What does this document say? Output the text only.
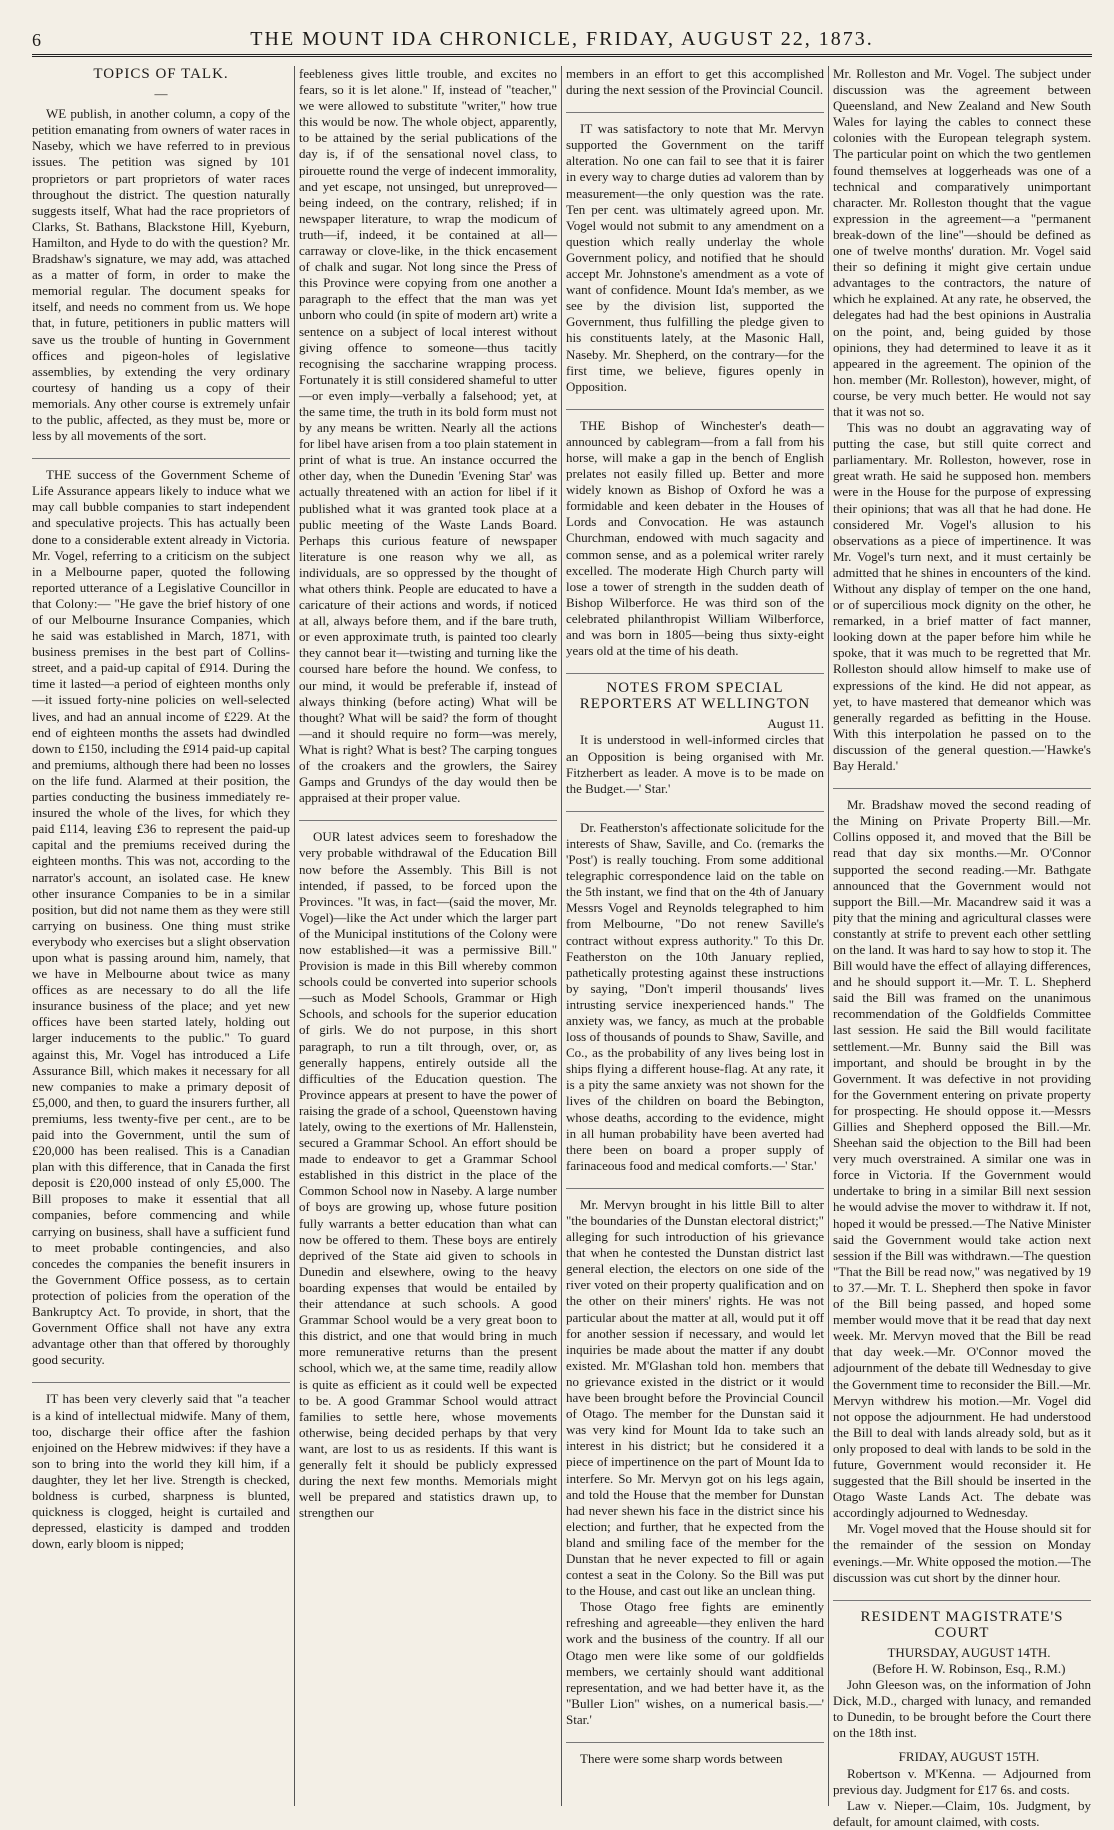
6	THE MOUNT IDA CHRONICLE, FRIDAY, AUGUST 22, 1873.
TOPICS OF TALK.
—

WE publish, in another column, a copy of the petition emanating from owners of water races in Naseby, which we have referred to in previous issues. The petition was signed by 101 proprietors or part proprietors of water races throughout the district. The question naturally suggests itself, What had the race proprietors of Clarks, St. Bathans, Blackstone Hill, Kyeburn, Hamilton, and Hyde to do with the question? Mr. Bradshaw's signature, we may add, was attached as a matter of form, in order to make the memorial regular. The document speaks for itself, and needs no comment from us. We hope that, in future, petitioners in public matters will save us the trouble of hunting in Government offices and pigeon-holes of legislative assemblies, by extending the very ordinary courtesy of handing us a copy of their memorials. Any other course is extremely unfair to the public, affected, as they must be, more or less by all movements of the sort.

THE success of the Government Scheme of Life Assurance appears likely to induce what we may call bubble companies to start independent and speculative projects. This has actually been done to a considerable extent already in Victoria. Mr. Vogel, referring to a criticism on the subject in a Melbourne paper, quoted the following reported utterance of a Legislative Councillor in that Colony:— "He gave the brief history of one of our Melbourne Insurance Companies, which he said was established in March, 1871, with business premises in the best part of Collins-street, and a paid-up capital of £914. During the time it lasted—a period of eighteen months only—it issued forty-nine policies on well-selected lives, and had an annual income of £229. At the end of eighteen months the assets had dwindled down to £150, including the £914 paid-up capital and premiums, although there had been no losses on the life fund. Alarmed at their position, the parties conducting the business immediately re-insured the whole of the lives, for which they paid £114, leaving £36 to represent the paid-up capital and the premiums received during the eighteen months. This was not, according to the narrator's account, an isolated case. He knew other insurance Companies to be in a similar position, but did not name them as they were still carrying on business. One thing must strike everybody who exercises but a slight observation upon what is passing around him, namely, that we have in Melbourne about twice as many offices as are necessary to do all the life insurance business of the place; and yet new offices have been started lately, holding out larger inducements to the public." To guard against this, Mr. Vogel has introduced a Life Assurance Bill, which makes it necessary for all new companies to make a primary deposit of £5,000, and then, to guard the insurers further, all premiums, less twenty-five per cent., are to be paid into the Government, until the sum of £20,000 has been realised. This is a Canadian plan with this difference, that in Canada the first deposit is £20,000 instead of only £5,000. The Bill proposes to make it essential that all companies, before commencing and while carrying on business, shall have a sufficient fund to meet probable contingencies, and also concedes the companies the benefit insurers in the Government Office possess, as to certain protection of policies from the operation of the Bankruptcy Act. To provide, in short, that the Government Office shall not have any extra advantage other than that offered by thoroughly good security.

IT has been very cleverly said that "a teacher is a kind of intellectual midwife. Many of them, too, discharge their office after the fashion enjoined on the Hebrew midwives: if they have a son to bring into the world they kill him, if a daughter, they let her live. Strength is checked, boldness is curbed, sharpness is blunted, quickness is clogged, height is curtailed and depressed, elasticity is damped and trodden down, early bloom is nipped;

feebleness gives little trouble, and excites no fears, so it is let alone." If, instead of "teacher," we were allowed to substitute "writer," how true this would be now. The whole object, apparently, to be attained by the serial publications of the day is, if of the sensational novel class, to pirouette round the verge of indecent immorality, and yet escape, not unsinged, but unreproved—being indeed, on the contrary, relished; if in newspaper literature, to wrap the modicum of truth—if, indeed, it be contained at all—carraway or clove-like, in the thick encasement of chalk and sugar. Not long since the Press of this Province were copying from one another a paragraph to the effect that the man was yet unborn who could (in spite of modern art) write a sentence on a subject of local interest without giving offence to someone—thus tacitly recognising the saccharine wrapping process. Fortunately it is still considered shameful to utter—or even imply—verbally a falsehood; yet, at the same time, the truth in its bold form must not by any means be written. Nearly all the actions for libel have arisen from a too plain statement in print of what is true. An instance occurred the other day, when the Dunedin 'Evening Star' was actually threatened with an action for libel if it published what it was granted took place at a public meeting of the Waste Lands Board. Perhaps this curious feature of newspaper literature is one reason why we all, as individuals, are so oppressed by the thought of what others think. People are educated to have a caricature of their actions and words, if noticed at all, always before them, and if the bare truth, or even approximate truth, is painted too clearly they cannot bear it—twisting and turning like the coursed hare before the hound. We confess, to our mind, it would be preferable if, instead of always thinking (before acting) What will be thought? What will be said? the form of thought—and it should require no form—was merely, What is right? What is best? The carping tongues of the croakers and the growlers, the Sairey Gamps and Grundys of the day would then be appraised at their proper value.

OUR latest advices seem to foreshadow the very probable withdrawal of the Education Bill now before the Assembly. This Bill is not intended, if passed, to be forced upon the Provinces. "It was, in fact—(said the mover, Mr. Vogel)—like the Act under which the larger part of the Municipal institutions of the Colony were now established—it was a permissive Bill." Provision is made in this Bill whereby common schools could be converted into superior schools—such as Model Schools, Grammar or High Schools, and schools for the superior education of girls. We do not purpose, in this short paragraph, to run a tilt through, over, or, as generally happens, entirely outside all the difficulties of the Education question. The Province appears at present to have the power of raising the grade of a school, Queenstown having lately, owing to the exertions of Mr. Hallenstein, secured a Grammar School. An effort should be made to endeavor to get a Grammar School established in this district in the place of the Common School now in Naseby. A large number of boys are growing up, whose future position fully warrants a better education than what can now be offered to them. These boys are entirely deprived of the State aid given to schools in Dunedin and elsewhere, owing to the heavy boarding expenses that would be entailed by their attendance at such schools. A good Grammar School would be a very great boon to this district, and one that would bring in much more remunerative returns than the present school, which we, at the same time, readily allow is quite as efficient as it could well be expected to be. A good Grammar School would attract families to settle here, whose movements otherwise, being decided perhaps by that very want, are lost to us as residents. If this want is generally felt it should be publicly expressed during the next few months. Memorials might well be prepared and statistics drawn up, to strengthen our

members in an effort to get this accomplished during the next session of the Provincial Council.

IT was satisfactory to note that Mr. Mervyn supported the Government on the tariff alteration. No one can fail to see that it is fairer in every way to charge duties ad valorem than by measurement—the only question was the rate. Ten per cent. was ultimately agreed upon. Mr. Vogel would not submit to any amendment on a question which really underlay the whole Government policy, and notified that he should accept Mr. Johnstone's amendment as a vote of want of confidence. Mount Ida's member, as we see by the division list, supported the Government, thus fulfilling the pledge given to his constituents lately, at the Masonic Hall, Naseby. Mr. Shepherd, on the contrary—for the first time, we believe, figures openly in Opposition.

THE Bishop of Winchester's death—announced by cablegram—from a fall from his horse, will make a gap in the bench of English prelates not easily filled up. Better and more widely known as Bishop of Oxford he was a formidable and keen debater in the Houses of Lords and Convocation. He was astaunch Churchman, endowed with much sagacity and common sense, and as a polemical writer rarely excelled. The moderate High Church party will lose a tower of strength in the sudden death of Bishop Wilberforce. He was third son of the celebrated philanthropist William Wilberforce, and was born in 1805—being thus sixty-eight years old at the time of his death.

NOTES FROM SPECIAL REPORTERS AT WELLINGTON

August 11.

It is understood in well-informed circles that an Opposition is being organised with Mr. Fitzherbert as leader. A move is to be made on the Budget.—' Star.'

Dr. Featherston's affectionate solicitude for the interests of Shaw, Saville, and Co. (remarks the 'Post') is really touching. From some additional telegraphic correspondence laid on the table on the 5th instant, we find that on the 4th of January Messrs Vogel and Reynolds telegraphed to him from Melbourne, "Do not renew Saville's contract without express authority." To this Dr. Featherston on the 10th January replied, pathetically protesting against these instructions by saying, "Don't imperil thousands' lives intrusting service inexperienced hands." The anxiety was, we fancy, as much at the probable loss of thousands of pounds to Shaw, Saville, and Co., as the probability of any lives being lost in ships flying a different house-flag. At any rate, it is a pity the same anxiety was not shown for the lives of the children on board the Bebington, whose deaths, according to the evidence, might in all human probability have been averted had there been on board a proper supply of farinaceous food and medical comforts.—' Star.'

Mr. Mervyn brought in his little Bill to alter "the boundaries of the Dunstan electoral district;" alleging for such introduction of his grievance that when he contested the Dunstan district last general election, the electors on one side of the river voted on their property qualification and on the other on their miners' rights. He was not particular about the matter at all, would put it off for another session if necessary, and would let inquiries be made about the matter if any doubt existed. Mr. M'Glashan told hon. members that no grievance existed in the district or it would have been brought before the Provincial Council of Otago. The member for the Dunstan said it was very kind for Mount Ida to take such an interest in his district; but he considered it a piece of impertinence on the part of Mount Ida to interfere. So Mr. Mervyn got on his legs again, and told the House that the member for Dunstan had never shewn his face in the district since his election; and further, that he expected from the bland and smiling face of the member for the Dunstan that he never expected to fill or again contest a seat in the Colony. So the Bill was put to the House, and cast out like an unclean thing.

Those Otago free fights are eminently refreshing and agreeable—they enliven the hard work and the business of the country. If all our Otago men were like some of our goldfields members, we certainly should want additional representation, and we had better have it, as the "Buller Lion" wishes, on a numerical basis.—' Star.'

There were some sharp words between

Mr. Rolleston and Mr. Vogel. The subject under discussion was the agreement between Queensland, and New Zealand and New South Wales for laying the cables to connect these colonies with the European telegraph system. The particular point on which the two gentlemen found themselves at loggerheads was one of a technical and comparatively unimportant character. Mr. Rolleston thought that the vague expression in the agreement—a "permanent break-down of the line"—should be defined as one of twelve months' duration. Mr. Vogel said their so defining it might give certain undue advantages to the contractors, the nature of which he explained. At any rate, he observed, the delegates had had the best opinions in Australia on the point, and, being guided by those opinions, they had determined to leave it as it appeared in the agreement. The opinion of the hon. member (Mr. Rolleston), however, might, of course, be very much better. He would not say that it was not so.

This was no doubt an aggravating way of putting the case, but still quite correct and parliamentary. Mr. Rolleston, however, rose in great wrath. He said he supposed hon. members were in the House for the purpose of expressing their opinions; that was all that he had done. He considered Mr. Vogel's allusion to his observations as a piece of impertinence. It was Mr. Vogel's turn next, and it must certainly be admitted that he shines in encounters of the kind. Without any display of temper on the one hand, or of supercilious mock dignity on the other, he remarked, in a brief matter of fact manner, looking down at the paper before him while he spoke, that it was much to be regretted that Mr. Rolleston should allow himself to make use of expressions of the kind. He did not appear, as yet, to have mastered that demeanor which was generally regarded as befitting in the House. With this interpolation he passed on to the discussion of the general question.—'Hawke's Bay Herald.'

Mr. Bradshaw moved the second reading of the Mining on Private Property Bill.—Mr. Collins opposed it, and moved that the Bill be read that day six months.—Mr. O'Connor supported the second reading.—Mr. Bathgate announced that the Government would not support the Bill.—Mr. Macandrew said it was a pity that the mining and agricultural classes were constantly at strife to prevent each other settling on the land. It was hard to say how to stop it. The Bill would have the effect of allaying differences, and he should support it.—Mr. T. L. Shepherd said the Bill was framed on the unanimous recommendation of the Goldfields Committee last session. He said the Bill would facilitate settlement.—Mr. Bunny said the Bill was important, and should be brought in by the Government. It was defective in not providing for the Government entering on private property for prospecting. He should oppose it.—Messrs Gillies and Shepherd opposed the Bill.—Mr. Sheehan said the objection to the Bill had been very much overstrained. A similar one was in force in Victoria. If the Government would undertake to bring in a similar Bill next session he would advise the mover to withdraw it. If not, hoped it would be pressed.—The Native Minister said the Government would take action next session if the Bill was withdrawn.—The question "That the Bill be read now," was negatived by 19 to 37.—Mr. T. L. Shepherd then spoke in favor of the Bill being passed, and hoped some member would move that it be read that day next week. Mr. Mervyn moved that the Bill be read that day week.—Mr. O'Connor moved the adjournment of the debate till Wednesday to give the Government time to reconsider the Bill.—Mr. Mervyn withdrew his motion.—Mr. Vogel did not oppose the adjournment. He had understood the Bill to deal with lands already sold, but as it only proposed to deal with lands to be sold in the future, Government would reconsider it. He suggested that the Bill should be inserted in the Otago Waste Lands Act. The debate was accordingly adjourned to Wednesday.

Mr. Vogel moved that the House should sit for the remainder of the session on Monday evenings.—Mr. White opposed the motion.—The discussion was cut short by the dinner hour.

RESIDENT MAGISTRATE'S COURT

THURSDAY, AUGUST 14TH.

(Before H. W. Robinson, Esq., R.M.)

John Gleeson was, on the information of John Dick, M.D., charged with lunacy, and remanded to Dunedin, to be brought before the Court there on the 18th inst.

FRIDAY, AUGUST 15TH.

Robertson v. M'Kenna. — Adjourned from previous day. Judgment for £17 6s. and costs.

Law v. Nieper.—Claim, 10s. Judgment, by default, for amount claimed, with costs.
